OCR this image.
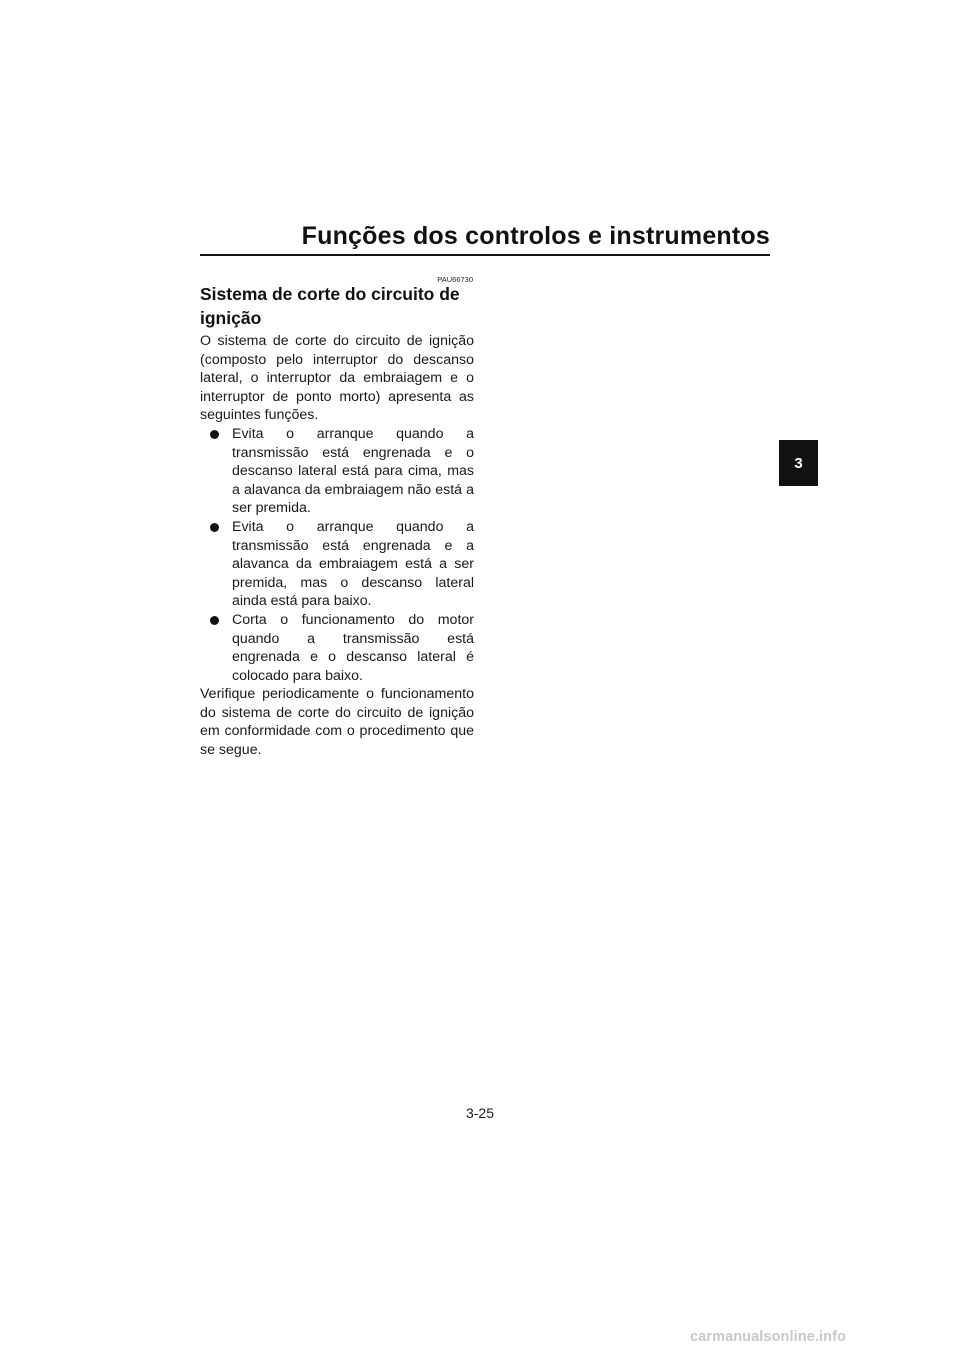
Funções dos controlos e instrumentos
PAU66730
Sistema de corte do circuito de ignição

O sistema de corte do circuito de ignição (composto pelo interruptor do descanso lateral, o interruptor da embraiagem e o interruptor de ponto morto) apresenta as seguintes funções.

Evita o arranque quando a transmissão está engrenada e o descanso lateral está para cima, mas a alavanca da embraiagem não está a ser premida.
Evita o arranque quando a transmissão está engrenada e a alavanca da embraiagem está a ser premida, mas o descanso lateral ainda está para baixo.
Corta o funcionamento do motor quando a transmissão está engrenada e o descanso lateral é colocado para baixo.

Verifique periodicamente o funcionamento do sistema de corte do circuito de ignição em conformidade com o procedimento que se segue.

3
3-25
carmanualsonline.info
